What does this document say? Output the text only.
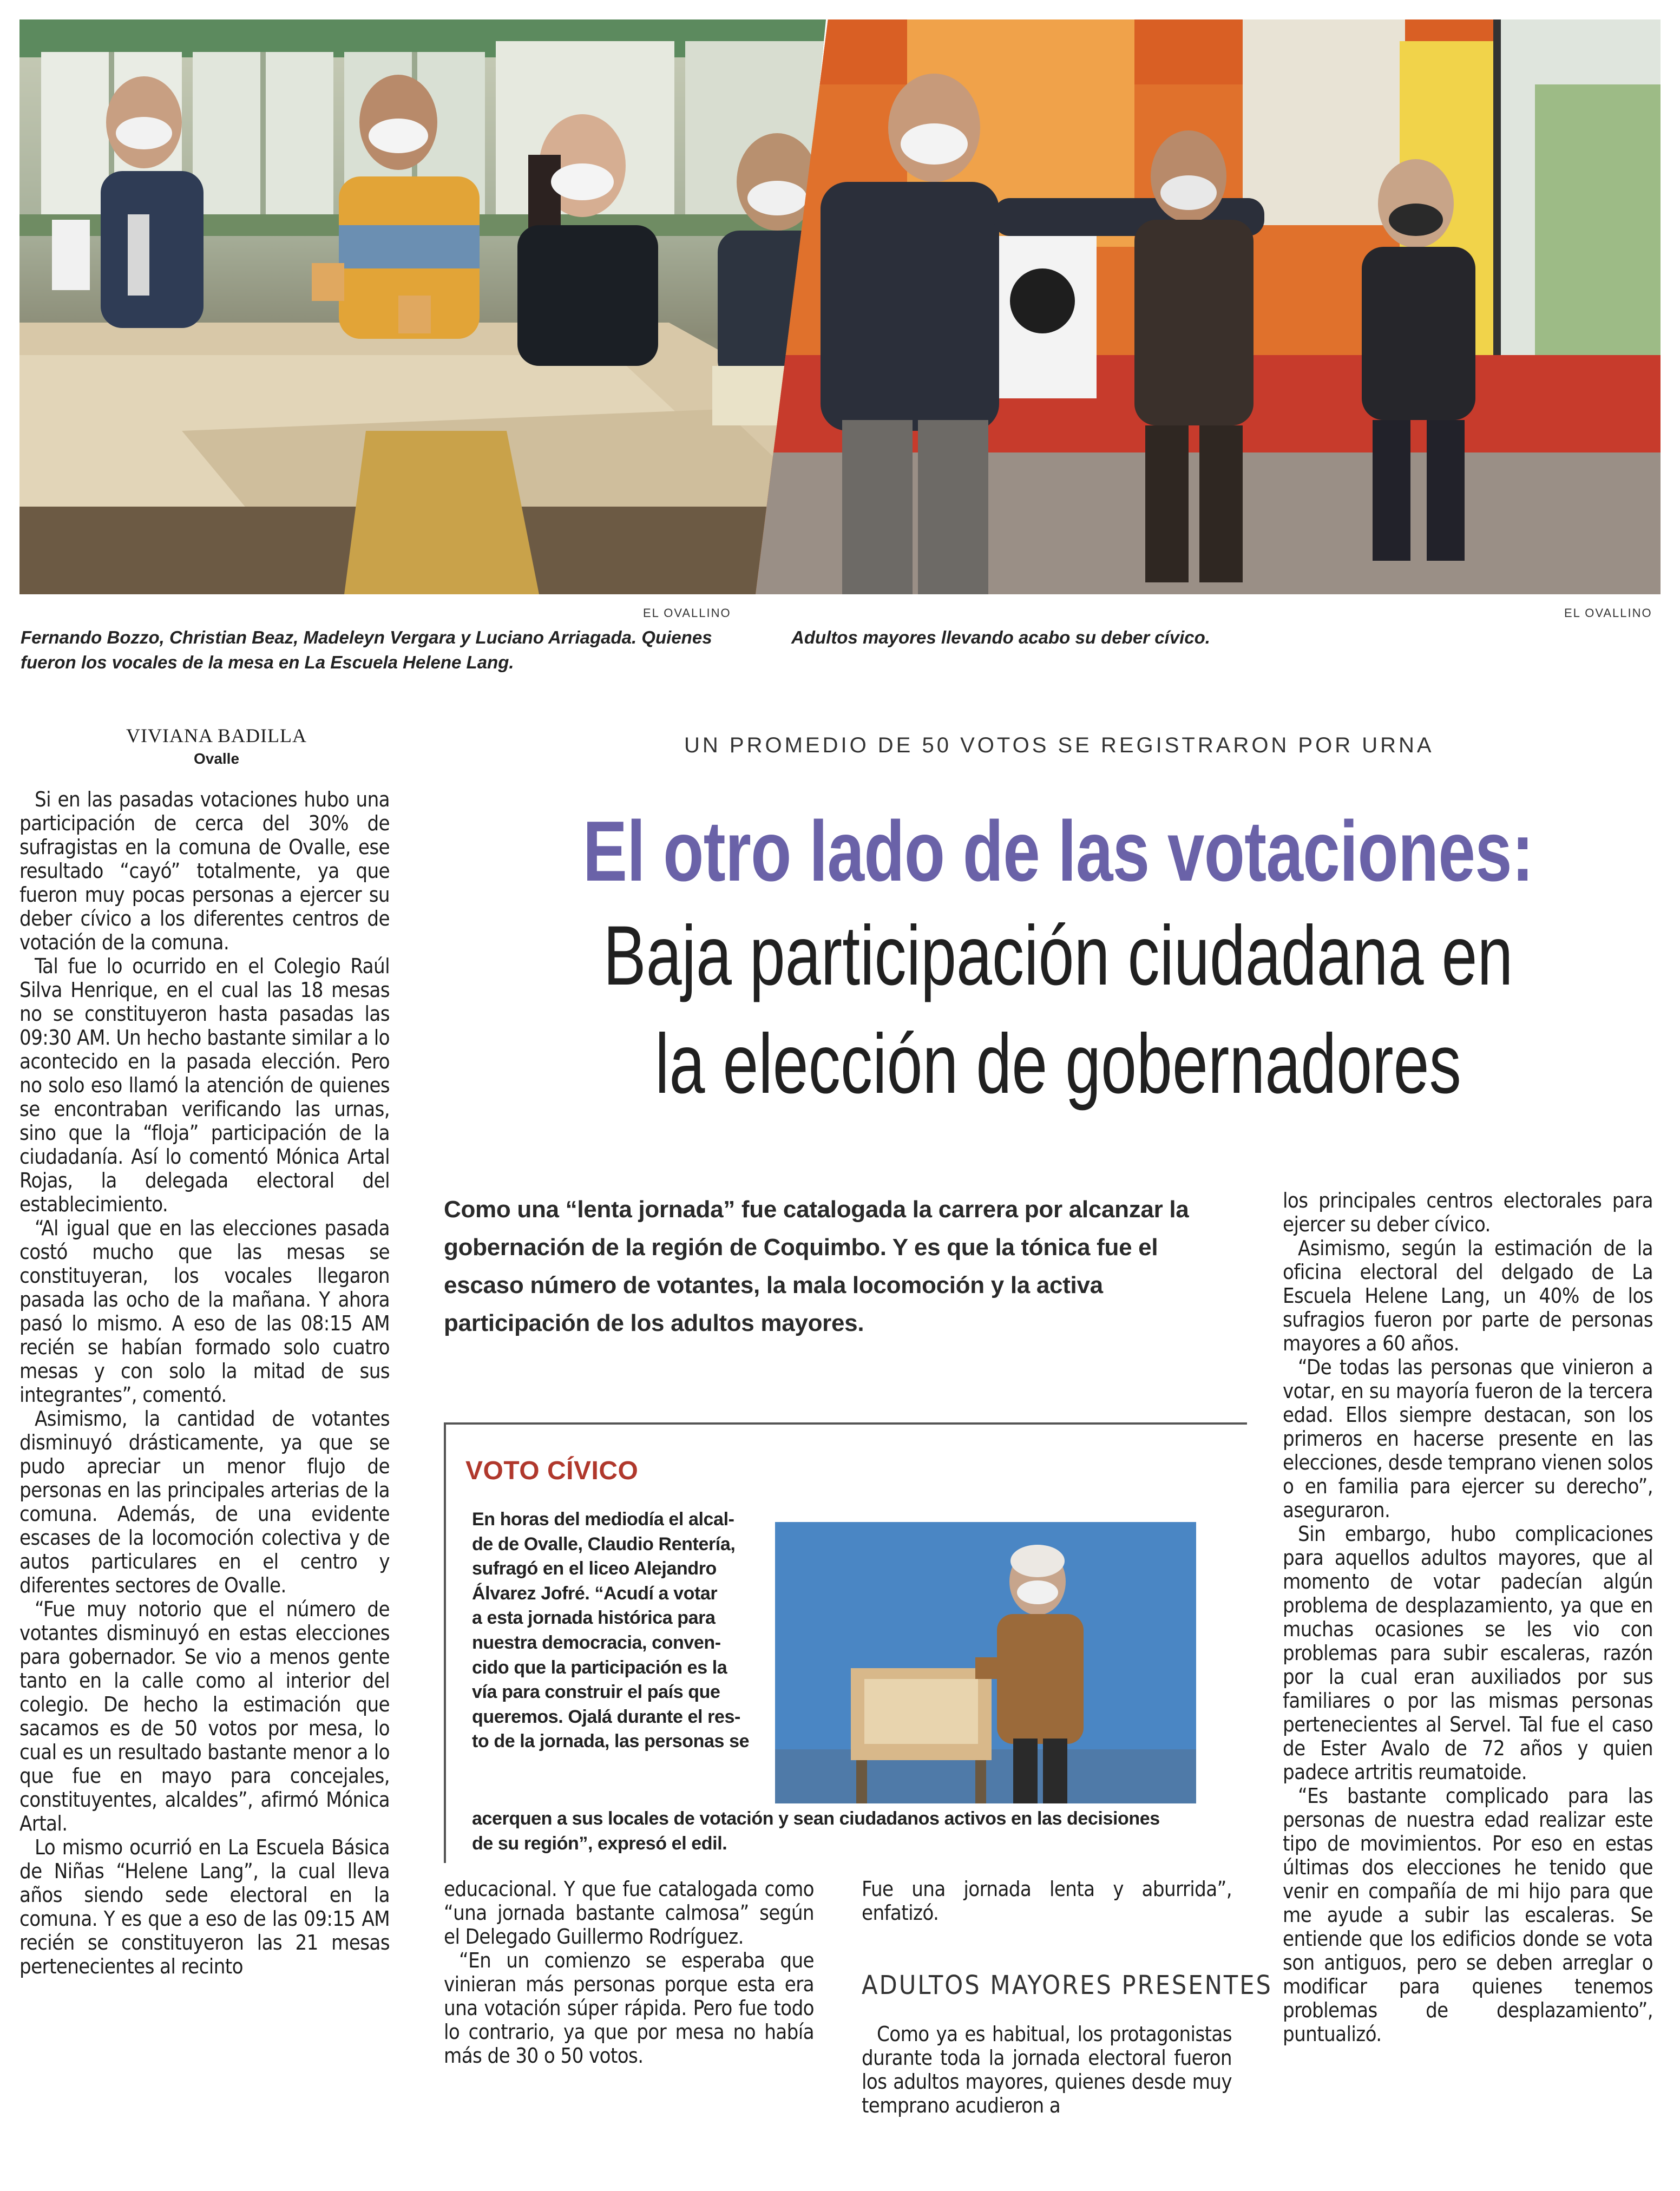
EL OVALLINO	EL OVALLINO
Fernando Bozzo, Christian Beaz, Madeleyn Vergara y Luciano Arriagada. Quienes fueron los vocales de la mesa en La Escuela Helene Lang.
Adultos mayores llevando acabo su deber cívico.
VIVIANA BADILLA
Ovalle
UN PROMEDIO DE 50 VOTOS SE REGISTRARON POR URNA
El otro lado de las votaciones:
Baja participación ciudadana en
la elección de gobernadores

Si en las pasadas votaciones hubo una participación de cerca del 30% de sufragistas en la comuna de Ovalle, ese resultado “cayó” totalmente, ya que fueron muy pocas personas a ejercer su deber cívico a los diferentes centros de votación de la comuna.

Tal fue lo ocurrido en el Colegio Raúl Silva Henrique, en el cual las 18 mesas no se constituyeron hasta pasadas las 09:30 AM. Un hecho bastante similar a lo acontecido en la pasada elección. Pero no solo eso llamó la atención de quienes se encontraban verificando las urnas, sino que la “floja” participación de la ciudadanía. Así lo comentó Mónica Artal Rojas, la delegada electoral del establecimiento.

“Al igual que en las elecciones pasada costó mucho que las mesas se constituyeran, los vocales llegaron pasada las ocho de la mañana. Y ahora pasó lo mismo. A eso de las 08:15 AM recién se habían formado solo cuatro mesas y con solo la mitad de sus integrantes”, comentó.

Asimismo, la cantidad de votantes disminuyó drásticamente, ya que se pudo apreciar un menor flujo de personas en las principales arterias de la comuna. Además, de una evidente escases de la locomoción colectiva y de autos particulares en el centro y diferentes sectores de Ovalle.

“Fue muy notorio que el número de votantes disminuyó en estas elecciones para gobernador. Se vio a menos gente tanto en la calle como al interior del colegio. De hecho la estimación que sacamos es de 50 votos por mesa, lo cual es un resultado bastante menor a lo que fue en mayo para concejales, constituyentes, alcaldes”, afirmó Mónica Artal.

Lo mismo ocurrió en La Escuela Básica de Niñas “Helene Lang”, la cual lleva años siendo sede electoral en la comuna. Y es que a eso de las 09:15 AM recién se constituyeron las 21 mesas pertenecientes al recinto

Como una “lenta jornada” fue catalogada la carrera por alcanzar la gobernación de la región de Coquimbo. Y es que la tónica fue el escaso número de votantes, la mala locomoción y la activa participación de los adultos mayores.
VOTO CÍVICO
En horas del mediodía el alcal-
de de Ovalle, Claudio Rentería,
sufragó en el liceo Alejandro
Álvarez Jofré. “Acudí a votar
a esta jornada histórica para
nuestra democracia, conven-
cido que la participación es la
vía para construir el país que
queremos. Ojalá durante el res-
to de la jornada, las personas se
acerquen a sus locales de votación y sean ciudadanos activos en las decisiones
de su región”, expresó el edil.

educacional. Y que fue catalogada como “una jornada bastante calmosa” según el Delegado Guillermo Rodríguez.

“En un comienzo se esperaba que vinieran más personas porque esta era una votación súper rápida. Pero fue todo lo contrario, ya que por mesa no había más de 30 o 50 votos.

Fue una jornada lenta y aburrida”, enfatizó.

ADULTOS MAYORES PRESENTES

Como ya es habitual, los protagonistas durante toda la jornada electoral fueron los adultos mayores, quienes desde muy temprano acudieron a

los principales centros electorales para ejercer su deber cívico.

Asimismo, según la estimación de la oficina electoral del delgado de La Escuela Helene Lang, un 40% de los sufragios fueron por parte de personas mayores a 60 años.

“De todas las personas que vinieron a votar, en su mayoría fueron de la tercera edad. Ellos siempre destacan, son los primeros en hacerse presente en las elecciones, desde temprano vienen solos o en familia para ejercer su derecho”, aseguraron.

Sin embargo, hubo complicaciones para aquellos adultos mayores, que al momento de votar padecían algún problema de desplazamiento, ya que en muchas ocasiones se les vio con problemas para subir escaleras, razón por la cual eran auxiliados por sus familiares o por las mismas personas pertenecientes al Servel. Tal fue el caso de Ester Avalo de 72 años y quien padece artritis reumatoide.

“Es bastante complicado para las personas de nuestra edad realizar este tipo de movimientos. Por eso en estas últimas dos elecciones he tenido que venir en compañía de mi hijo para que me ayude a subir las escaleras. Se entiende que los edificios donde se vota son antiguos, pero se deben arreglar o modificar para quienes tenemos problemas de desplazamiento”, puntualizó.
